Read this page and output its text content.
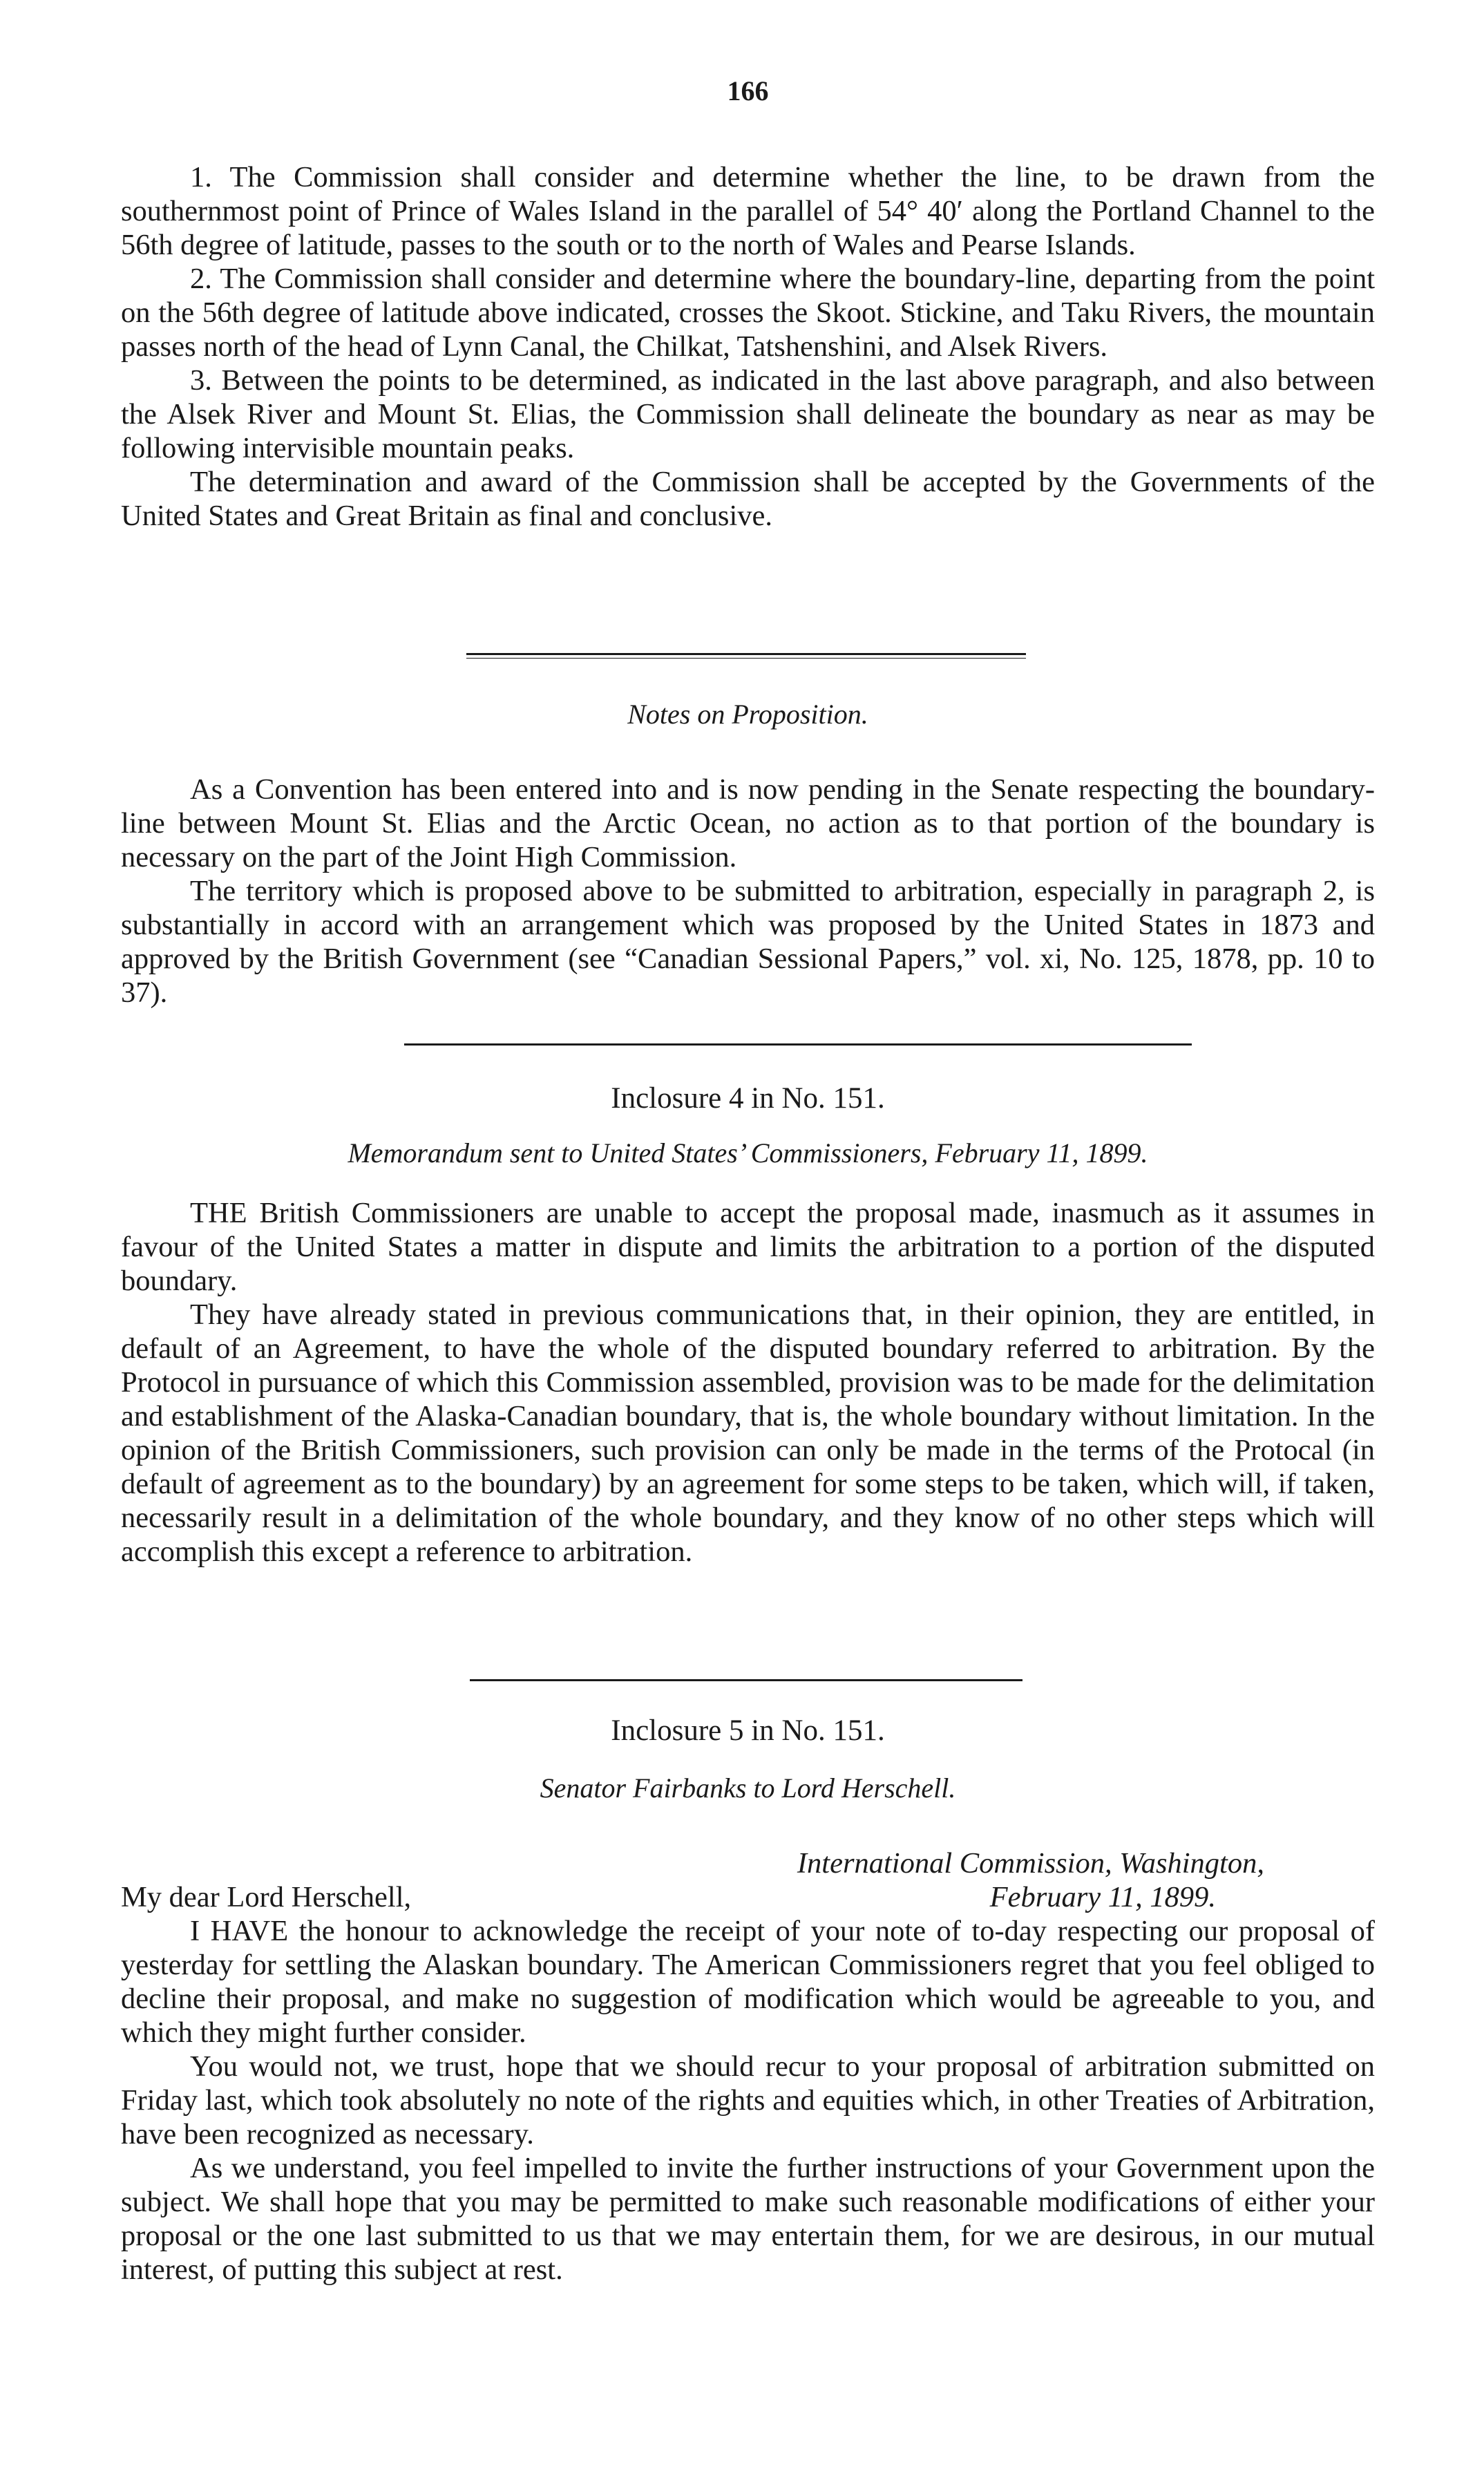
166

1. The Commission shall consider and determine whether the line, to be drawn from the southernmost point of Prince of Wales Island in the parallel of 54° 40′ along the Portland Channel to the 56th degree of latitude, passes to the south or to the north of Wales and Pearse Islands.

2. The Commission shall consider and determine where the boundary-line, departing from the point on the 56th degree of latitude above indicated, crosses the Skoot. Stickine, and Taku Rivers, the mountain passes north of the head of Lynn Canal, the Chilkat, Tatshenshini, and Alsek Rivers.

3. Between the points to be determined, as indicated in the last above paragraph, and also between the Alsek River and Mount St. Elias, the Commission shall delineate the boundary as near as may be following intervisible mountain peaks.

The determination and award of the Commission shall be accepted by the Governments of the United States and Great Britain as final and conclusive.

Notes on Proposition.

As a Convention has been entered into and is now pending in the Senate respecting the boundary-line between Mount St. Elias and the Arctic Ocean, no action as to that portion of the boundary is necessary on the part of the Joint High Commission.

The territory which is proposed above to be submitted to arbitration, especially in paragraph 2, is substantially in accord with an arrangement which was proposed by the United States in 1873 and approved by the British Government (see “Canadian Sessional Papers,” vol. xi, No. 125, 1878, pp. 10 to 37).

Inclosure 4 in No. 151.

Memorandum sent to United States’ Commissioners, February 11, 1899.

THE British Commissioners are unable to accept the proposal made, inasmuch as it assumes in favour of the United States a matter in dispute and limits the arbitration to a portion of the disputed boundary.

They have already stated in previous communications that, in their opinion, they are entitled, in default of an Agreement, to have the whole of the disputed boundary referred to arbitration. By the Protocol in pursuance of which this Commission assembled, provision was to be made for the delimitation and establishment of the Alaska-Canadian boundary, that is, the whole boundary without limitation. In the opinion of the British Commissioners, such provision can only be made in the terms of the Protocal (in default of agreement as to the boundary) by an agreement for some steps to be taken, which will, if taken, necessarily result in a delimitation of the whole boundary, and they know of no other steps which will accomplish this except a reference to arbitration.

Inclosure 5 in No. 151.

Senator Fairbanks to Lord Herschell.

International Commission, Washington,
My dear Lord Herschell,	February 11, 1899.

I HAVE the honour to acknowledge the receipt of your note of to-day respecting our proposal of yesterday for settling the Alaskan boundary. The American Commissioners regret that you feel obliged to decline their proposal, and make no suggestion of modification which would be agreeable to you, and which they might further consider.

You would not, we trust, hope that we should recur to your proposal of arbitration submitted on Friday last, which took absolutely no note of the rights and equities which, in other Treaties of Arbitration, have been recognized as necessary.

As we understand, you feel impelled to invite the further instructions of your Government upon the subject. We shall hope that you may be permitted to make such reasonable modifications of either your proposal or the one last submitted to us that we may entertain them, for we are desirous, in our mutual interest, of putting this subject at rest.
